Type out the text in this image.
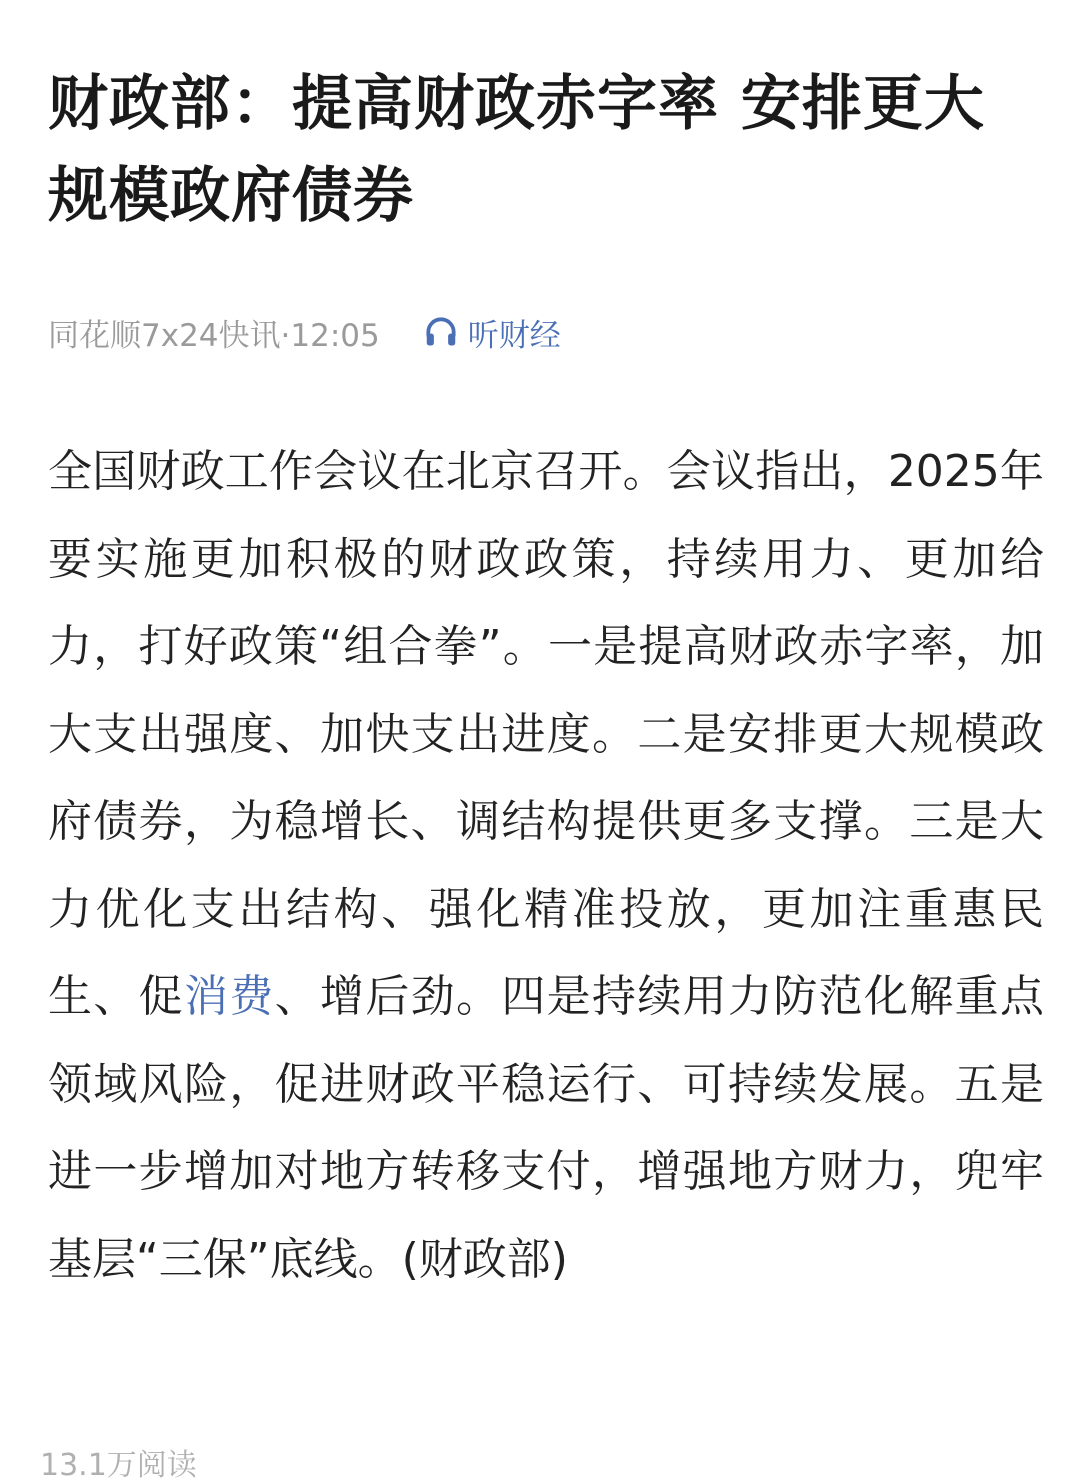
财政部：提高财政赤字率 安排更大规模政府债券
同花顺7x24快讯·12:05	听财经

全国财政工作会议在北京召开。会议指出，2025年要实施更加积极的财政政策，持续用力、更加给力，打好政策“组合拳”。一是提高财政赤字率，加大支出强度、加快支出进度。二是安排更大规模政府债券，为稳增长、调结构提供更多支撑。三是大力优化支出结构、强化精准投放，更加注重惠民生、促消费、增后劲。四是持续用力防范化解重点领域风险，促进财政平稳运行、可持续发展。五是进一步增加对地方转移支付，增强地方财力，兜牢基层“三保”底线。(财政部)

13.1万阅读
